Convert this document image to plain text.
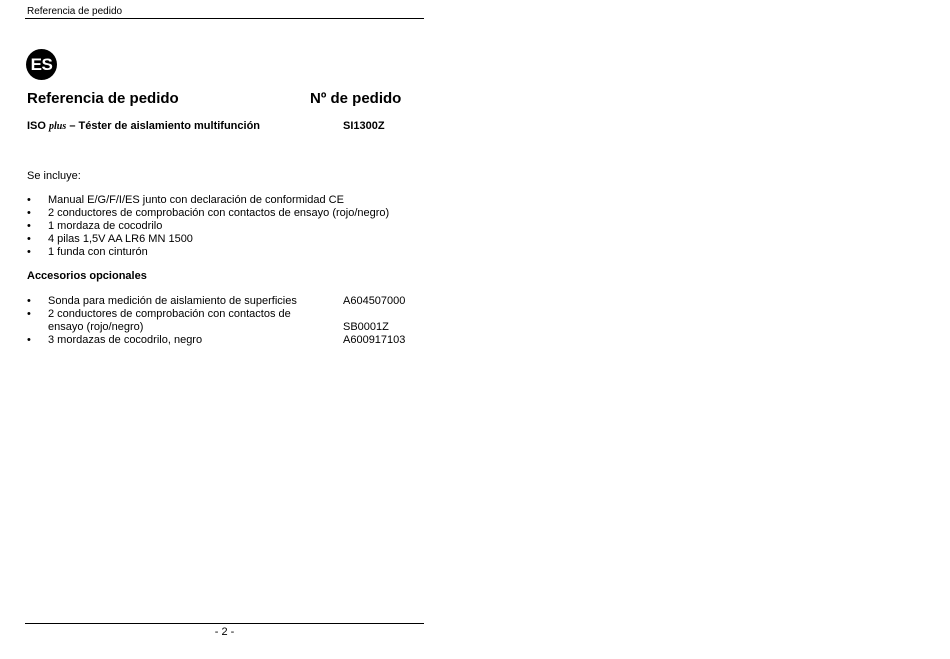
Referencia de pedido
ES
Referencia de pedido	Nº de pedido
ISO plus – Téster de aislamiento multifunción	SI1300Z
Se incluye:
• Manual E/G/F/I/ES junto con declaración de conformidad CE
• 2 conductores de comprobación con contactos de ensayo (rojo/negro)
• 1 mordaza de cocodrilo
• 4 pilas 1,5V AA LR6 MN 1500
• 1 funda con cinturón
Accesorios opcionales
• Sonda para medición de aislamiento de superficies	A604507000
• 2 conductores de comprobación con contactos de ensayo (rojo/negro)	SB0001Z
• 3 mordazas de cocodrilo, negro	A600917103
- 2 -
